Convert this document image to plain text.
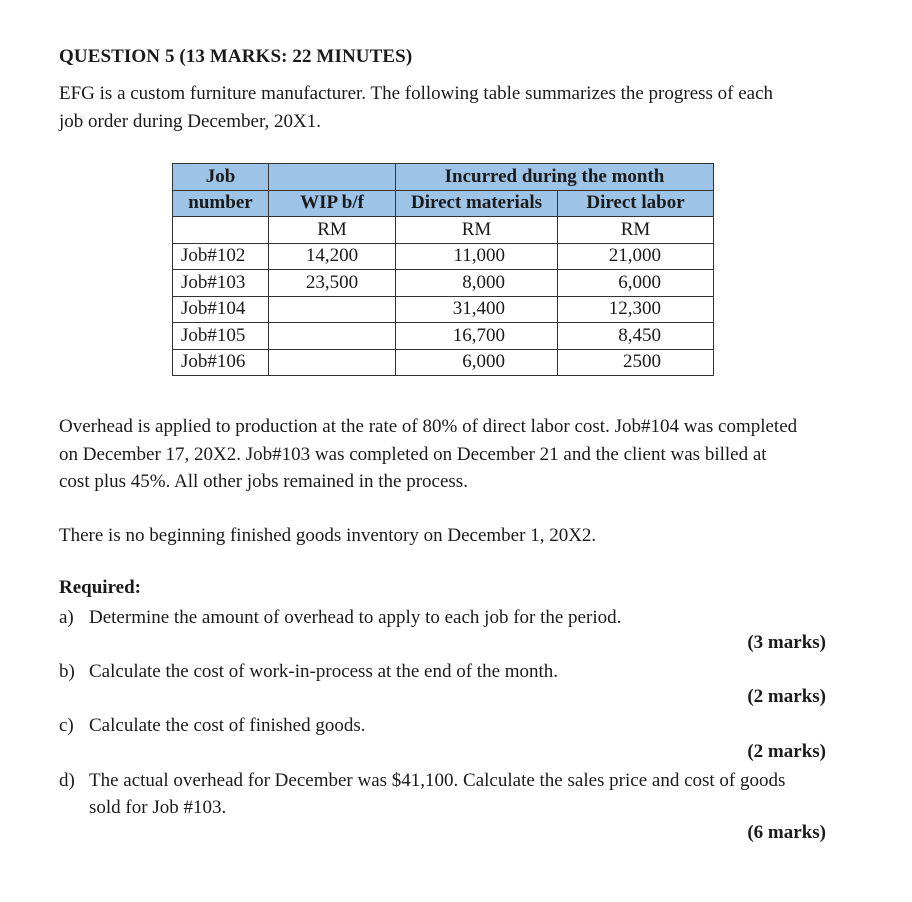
QUESTION 5 (13 MARKS: 22 MINUTES)
EFG is a custom furniture manufacturer. The following table summarizes the progress of each
job order during December, 20X1.
Job		Incurred during the month	
number	WIP b/f	Direct materials	Direct labor
	RM	RM	RM
Job#102	14,200	11,000	21,000
Job#103	23,500	8,000	6,000
Job#104		31,400	12,300
Job#105		16,700	8,450
Job#106		6,000	2500
Overhead is applied to production at the rate of 80% of direct labor cost. Job#104 was completed
on December 17, 20X2. Job#103 was completed on December 21 and the client was billed at
cost plus 45%. All other jobs remained in the process.
There is no beginning finished goods inventory on December 1, 20X2.
Required:
a) Determine the amount of overhead to apply to each job for the period.
(3 marks)
b) Calculate the cost of work-in-process at the end of the month.
(2 marks)
c) Calculate the cost of finished goods.
(2 marks)
d) The actual overhead for December was $41,100. Calculate the sales price and cost of goods
sold for Job #103.
(6 marks)
